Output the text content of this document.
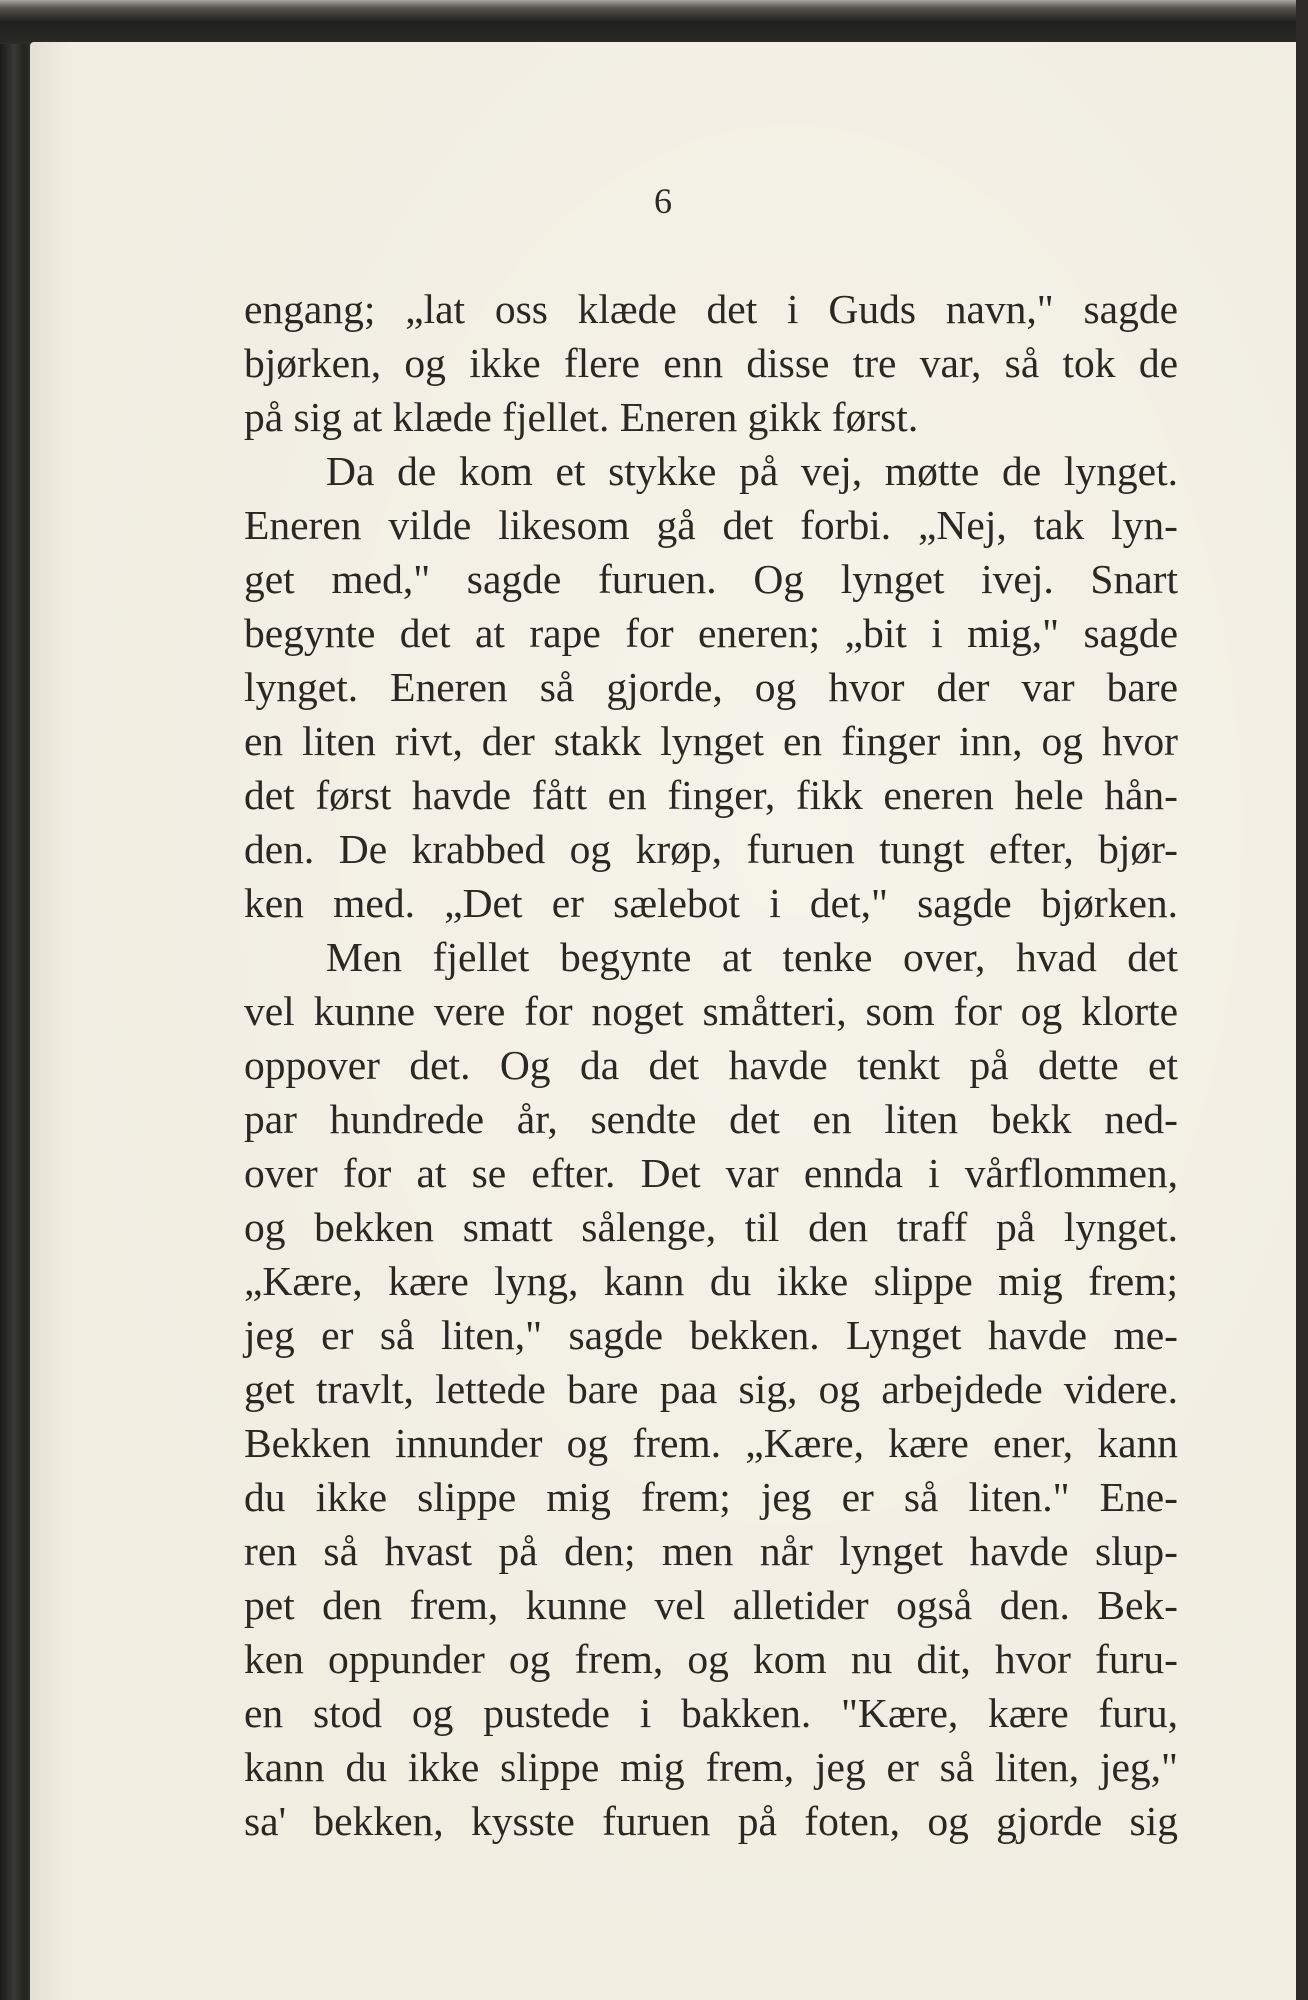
6

engang; „lat oss klæde det i Guds navn," sagde
bjørken, og ikke flere enn disse tre var, så tok de
på sig at klæde fjellet. Eneren gikk først.
Da de kom et stykke på vej, møtte de lynget.
Eneren vilde likesom gå det forbi. „Nej, tak lyn-
get med," sagde furuen. Og lynget ivej. Snart
begynte det at rape for eneren; „bit i mig," sagde
lynget. Eneren så gjorde, og hvor der var bare
en liten rivt, der stakk lynget en finger inn, og hvor
det først havde fått en finger, fikk eneren hele hån-
den. De krabbed og krøp, furuen tungt efter, bjør-
ken med. „Det er sælebot i det," sagde bjørken.
Men fjellet begynte at tenke over, hvad det
vel kunne vere for noget småtteri, som for og klorte
oppover det. Og da det havde tenkt på dette et
par hundrede år, sendte det en liten bekk ned-
over for at se efter. Det var ennda i vårflommen,
og bekken smatt sålenge, til den traff på lynget.
„Kære, kære lyng, kann du ikke slippe mig frem;
jeg er så liten," sagde bekken. Lynget havde me-
get travlt, lettede bare paa sig, og arbejdede videre.
Bekken innunder og frem. „Kære, kære ener, kann
du ikke slippe mig frem; jeg er så liten." Ene-
ren så hvast på den; men når lynget havde slup-
pet den frem, kunne vel alletider også den. Bek-
ken oppunder og frem, og kom nu dit, hvor furu-
en stod og pustede i bakken. "Kære, kære furu,
kann du ikke slippe mig frem, jeg er så liten, jeg,"
sa' bekken, kysste furuen på foten, og gjorde sig
